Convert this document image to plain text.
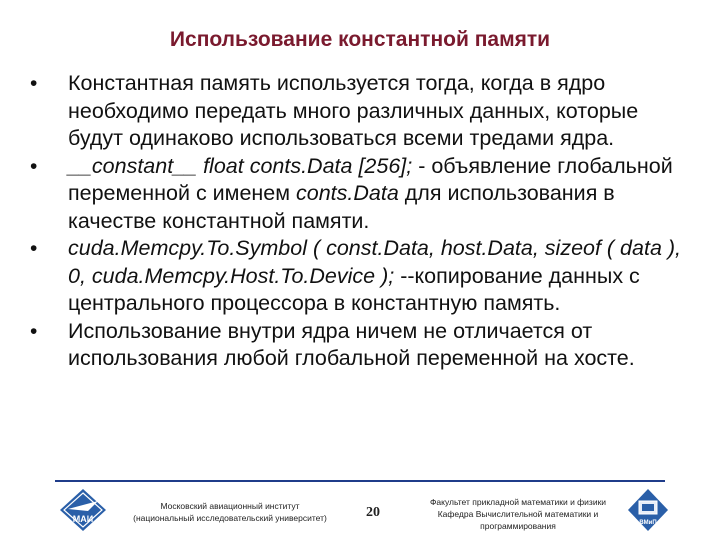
Использование константной памяти
• Константная память используется тогда, когда в ядро необходимо передать много различных данных, которые будут одинаково использоваться всеми тредами ядра.
• __constant__ float conts.Data [256]; - объявление глобальной переменной с именем conts.Data для использования в качестве константной памяти.
• cuda.Memcpy.To.Symbol ( const.Data, host.Data, sizeof ( data ), 0, cuda.Memcpy.Host.To.Device ); --копирование данных с центрального процессора в константную память.
• Использование внутри ядра ничем не отличается от использования любой глобальной переменной на хосте.
МАИ
Московский авиационный институт
(национальный исследовательский университет)	20
Факультет прикладной математики и физики
Кафедра Вычислительной математики и
программирования	ВМиП
